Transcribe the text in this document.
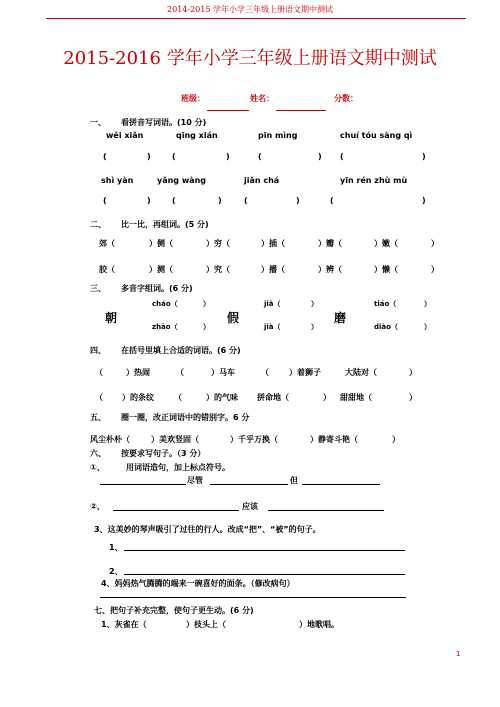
2014-2015 学年小学三年级上册语文期中测试
2015-2016 学年小学三年级上册语文期中测试
班级：	姓名：	分数：
一、 看拼音写词语。(10 分)
wěi xiǎn	qīng xián	pīn mìng	chuí tóu sàng qì
(	)	(	)	(	) (	)
shì yàn	yǎng wàng	jiǎn chá	yīn rén zhù mù
(	)	(	)	(	)	(	)
二、 比一比，再组词。(5 分)
郊（	）侧（	）穷（	）插（	）瓣（	）嫩（	）
胶（	）测（	）究（	）播（	）辨（	）懒（	）
三、 多音字组词。(6 分)
朝
cháo（	）
zhāo（	）
假
jiǎ（	）
jià（	）
磨
tiáo（	）
diào（	）
四、 在括号里填上合适的词语。(6 分)
（	）热闹	（	）马车	（	）着狮子	大陆对（	）
（ ）的条纹	（	）的气味 拼命地（	） 甜甜地（	）
五、 圈一圈，改正词语中的错别字。6 分
风尘朴朴（	）美欢竖固（	）千乎万换（	）静寄斗艳（	）
六、 按要求写句子。（3 分）
①、	用词语造句，加上标点符号。
尽管	但
②、	应该
3、这美妙的琴声吸引了过往的行人。改成“把”、“被”的句子。
1、
2、
4、妈妈热气腾腾的端来一碗喜好的面条。（修改病句）
七、把句子补充完整，使句子更生动。(6 分)
1、灰雀在（	）枝头上（	）地歌唱。
1
